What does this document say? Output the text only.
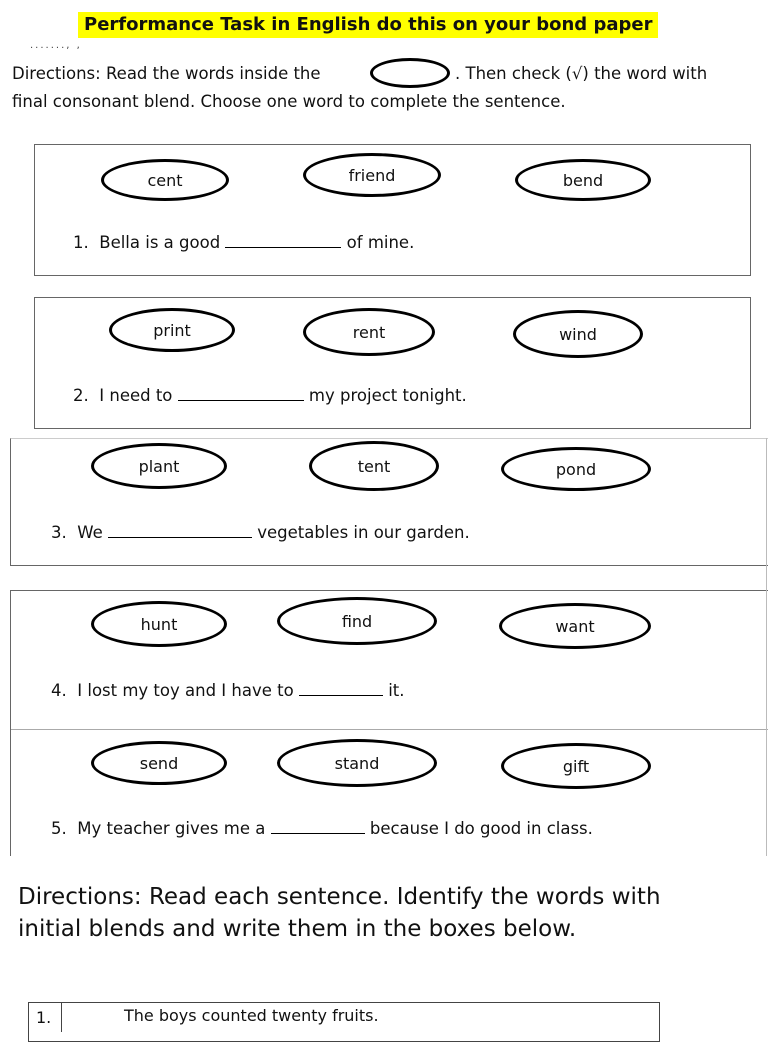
Performance Task in English do this on your bond paper
......., ,
Directions: Read the words inside the	. Then check (√) the word with
final consonant blend. Choose one word to complete the sentence.
cent	friend	bend
1. Bella is a good	of mine.
print	rent	wind
2. I need to	my project tonight.
plant	tent	pond
3. We	vegetables in our garden.
hunt	find	want
4. I lost my toy and I have to	it.
send	stand	gift
5. My teacher gives me a	because I do good in class.
Directions: Read each sentence. Identify the words with
initial blends and write them in the boxes below.
1.	The boys counted twenty fruits.
